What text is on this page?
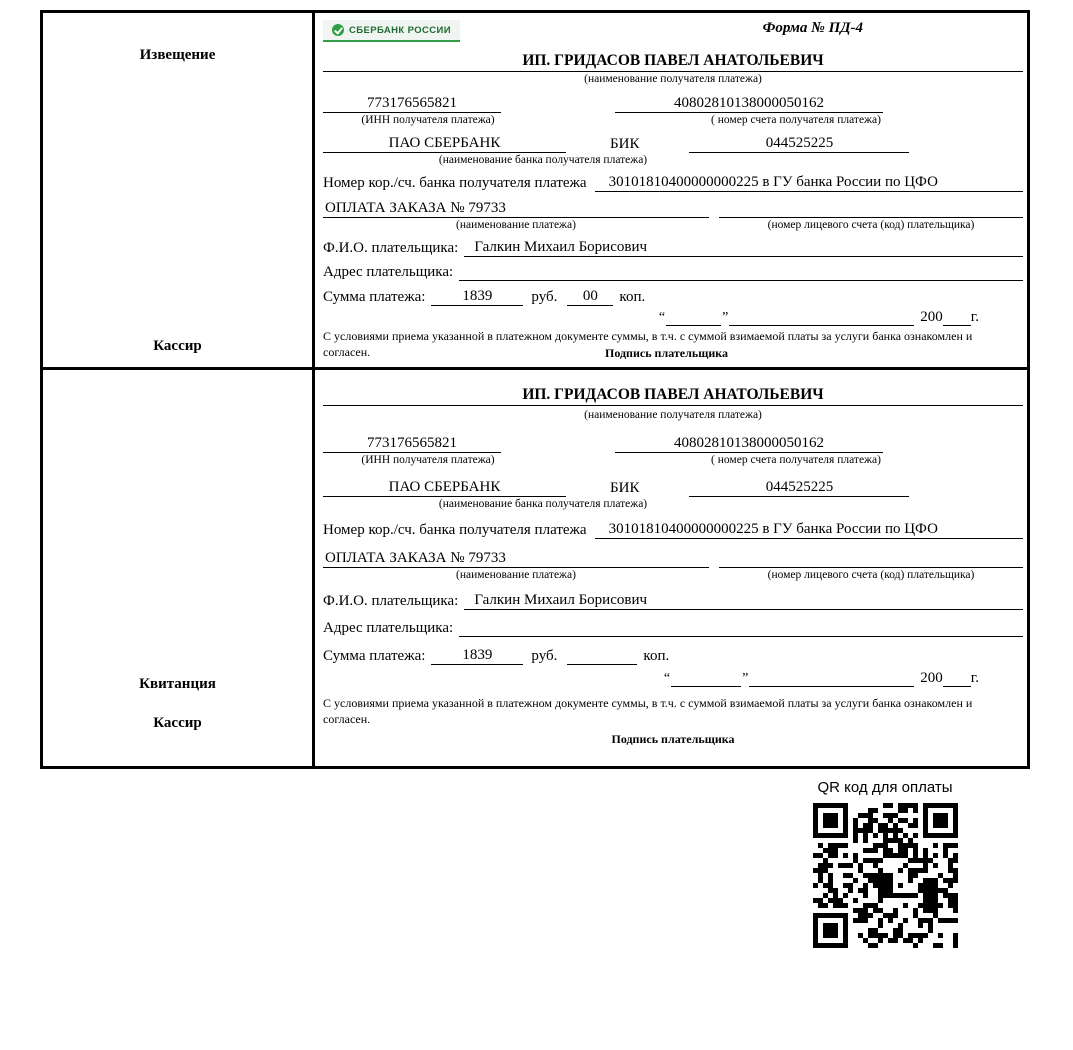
Извещение
Кассир
СБЕРБАНК РОССИИ	Форма № ПД-4
ИП. ГРИДАСОВ ПАВЕЛ АНАТОЛЬЕВИЧ
(наименование получателя платежа)
773176565821	40802810138000050162
(ИНН получателя платежа)	( номер счета получателя платежа)
ПАО СБЕРБАНК	БИК	044525225
(наименование банка получателя платежа)
Номер кор./сч. банка получателя платежа	30101810400000000225 в ГУ банка России по ЦФО
ОПЛАТА ЗАКАЗА № 79733
(наименование платежа)	(номер лицевого счета (код) плательщика)
Ф.И.О. плательщика:	Галкин Михаил Борисович
Адрес плательщика:
Сумма платежа:	1839	руб.	00	коп.
“	”	200 г.
С условиями приема указанной в платежном документе суммы, в т.ч. с суммой взимаемой платы за услуги банка ознакомлен и согласен.	Подпись плательщика
Квитанция
Кассир
ИП. ГРИДАСОВ ПАВЕЛ АНАТОЛЬЕВИЧ
(наименование получателя платежа)
773176565821	40802810138000050162
(ИНН получателя платежа)	( номер счета получателя платежа)
ПАО СБЕРБАНК	БИК	044525225
(наименование банка получателя платежа)
Номер кор./сч. банка получателя платежа	30101810400000000225 в ГУ банка России по ЦФО
ОПЛАТА ЗАКАЗА № 79733
(наименование платежа)	(номер лицевого счета (код) плательщика)
Ф.И.О. плательщика:	Галкин Михаил Борисович
Адрес плательщика:
Сумма платежа:	1839	руб.	коп.
“	”	200 г.
С условиями приема указанной в платежном документе суммы, в т.ч. с суммой взимаемой платы за услуги банка ознакомлен и согласен.
Подпись плательщика
QR код для оплаты
